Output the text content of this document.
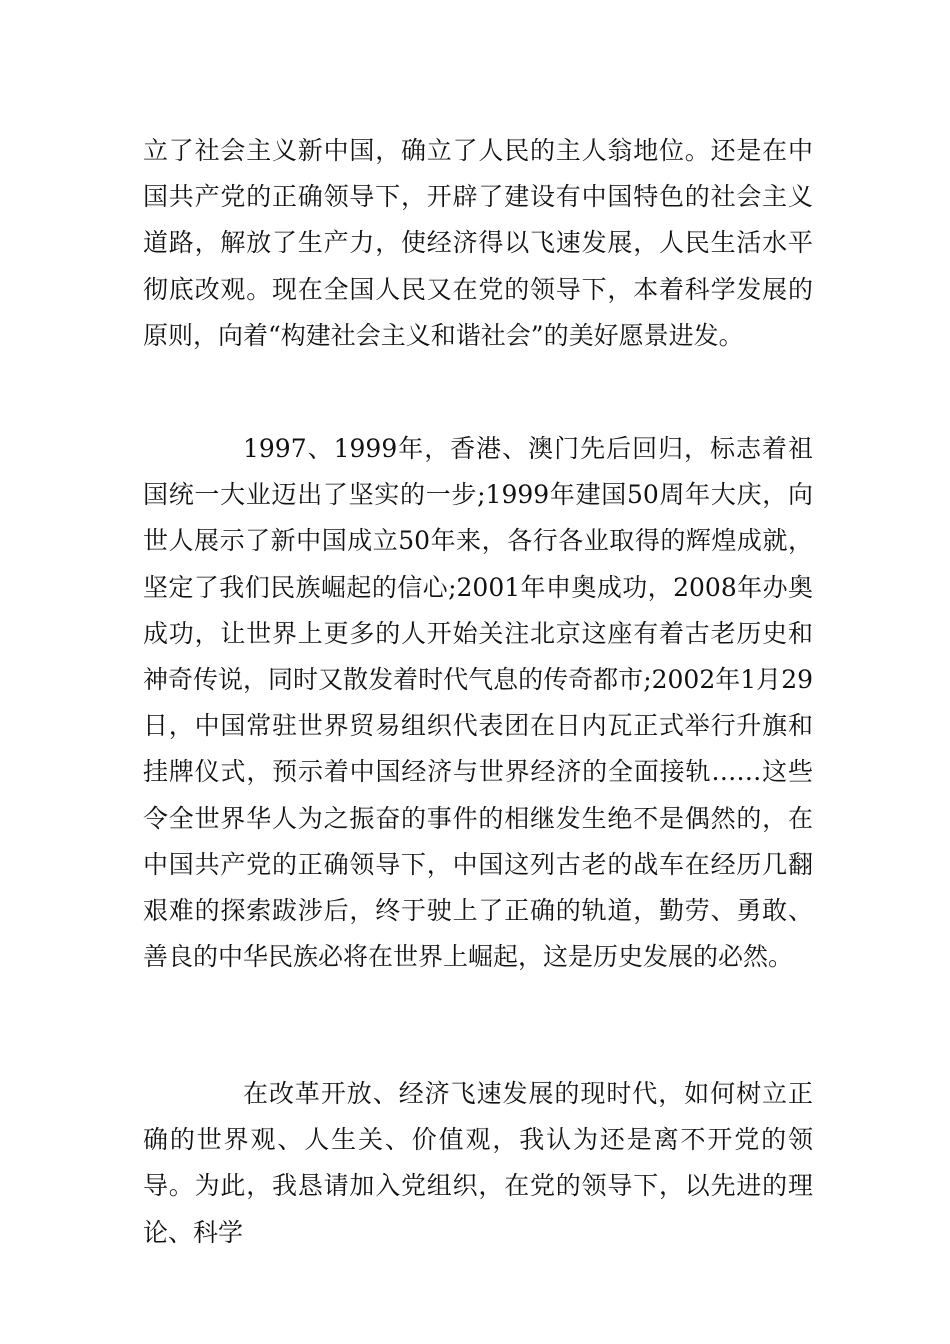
立了社会主义新中国，确立了人民的主人翁地位。还是在中国共产党的正确领导下，开辟了建设有中国特色的社会主义道路，解放了生产力，使经济得以飞速发展，人民生活水平彻底改观。现在全国人民又在党的领导下，本着科学发展的原则，向着“构建社会主义和谐社会”的美好愿景进发。

1997、1999年，香港、澳门先后回归，标志着祖国统一大业迈出了坚实的一步;1999年建国50周年大庆，向世人展示了新中国成立50年来，各行各业取得的辉煌成就，坚定了我们民族崛起的信心;2001年申奥成功，2008年办奥成功，让世界上更多的人开始关注北京这座有着古老历史和神奇传说，同时又散发着时代气息的传奇都市;2002年1月29日，中国常驻世界贸易组织代表团在日内瓦正式举行升旗和挂牌仪式，预示着中国经济与世界经济的全面接轨……这些令全世界华人为之振奋的事件的相继发生绝不是偶然的，在中国共产党的正确领导下，中国这列古老的战车在经历几翻艰难的探索跋涉后，终于驶上了正确的轨道，勤劳、勇敢、善良的中华民族必将在世界上崛起，这是历史发展的必然。

在改革开放、经济飞速发展的现时代，如何树立正确的世界观、人生关、价值观，我认为还是离不开党的领导。为此，我恳请加入党组织，在党的领导下，以先进的理论、科学
